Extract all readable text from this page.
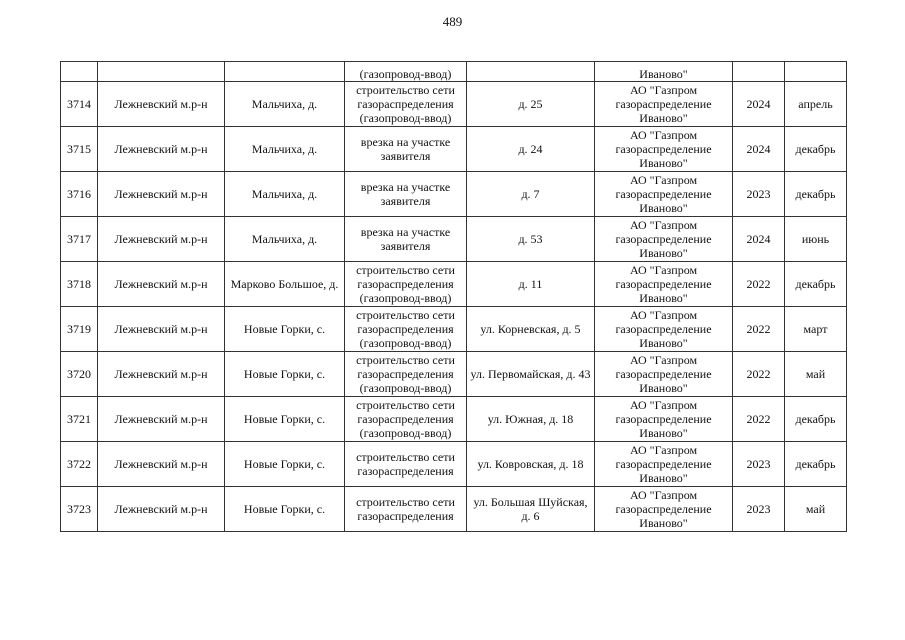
489
			(газопровод-ввод)		Иваново"		
3714	Лежневский м.р-н	Мальчиха, д.	строительство сети газораспределения (газопровод-ввод)	д. 25	АО "Газпром газораспределение Иваново"	2024	апрель
3715	Лежневский м.р-н	Мальчиха, д.	врезка на участке заявителя	д. 24	АО "Газпром газораспределение Иваново"	2024	декабрь
3716	Лежневский м.р-н	Мальчиха, д.	врезка на участке заявителя	д. 7	АО "Газпром газораспределение Иваново"	2023	декабрь
3717	Лежневский м.р-н	Мальчиха, д.	врезка на участке заявителя	д. 53	АО "Газпром газораспределение Иваново"	2024	июнь
3718	Лежневский м.р-н	Марково Большое, д.	строительство сети газораспределения (газопровод-ввод)	д. 11	АО "Газпром газораспределение Иваново"	2022	декабрь
3719	Лежневский м.р-н	Новые Горки, с.	строительство сети газораспределения (газопровод-ввод)	ул. Корневская, д. 5	АО "Газпром газораспределение Иваново"	2022	март
3720	Лежневский м.р-н	Новые Горки, с.	строительство сети газораспределения (газопровод-ввод)	ул. Первомайская, д. 43	АО "Газпром газораспределение Иваново"	2022	май
3721	Лежневский м.р-н	Новые Горки, с.	строительство сети газораспределения (газопровод-ввод)	ул. Южная, д. 18	АО "Газпром газораспределение Иваново"	2022	декабрь
3722	Лежневский м.р-н	Новые Горки, с.	строительство сети газораспределения	ул. Ковровская, д. 18	АО "Газпром газораспределение Иваново"	2023	декабрь
3723	Лежневский м.р-н	Новые Горки, с.	строительство сети газораспределения	ул. Большая Шуйская, д. 6	АО "Газпром газораспределение Иваново"	2023	май
